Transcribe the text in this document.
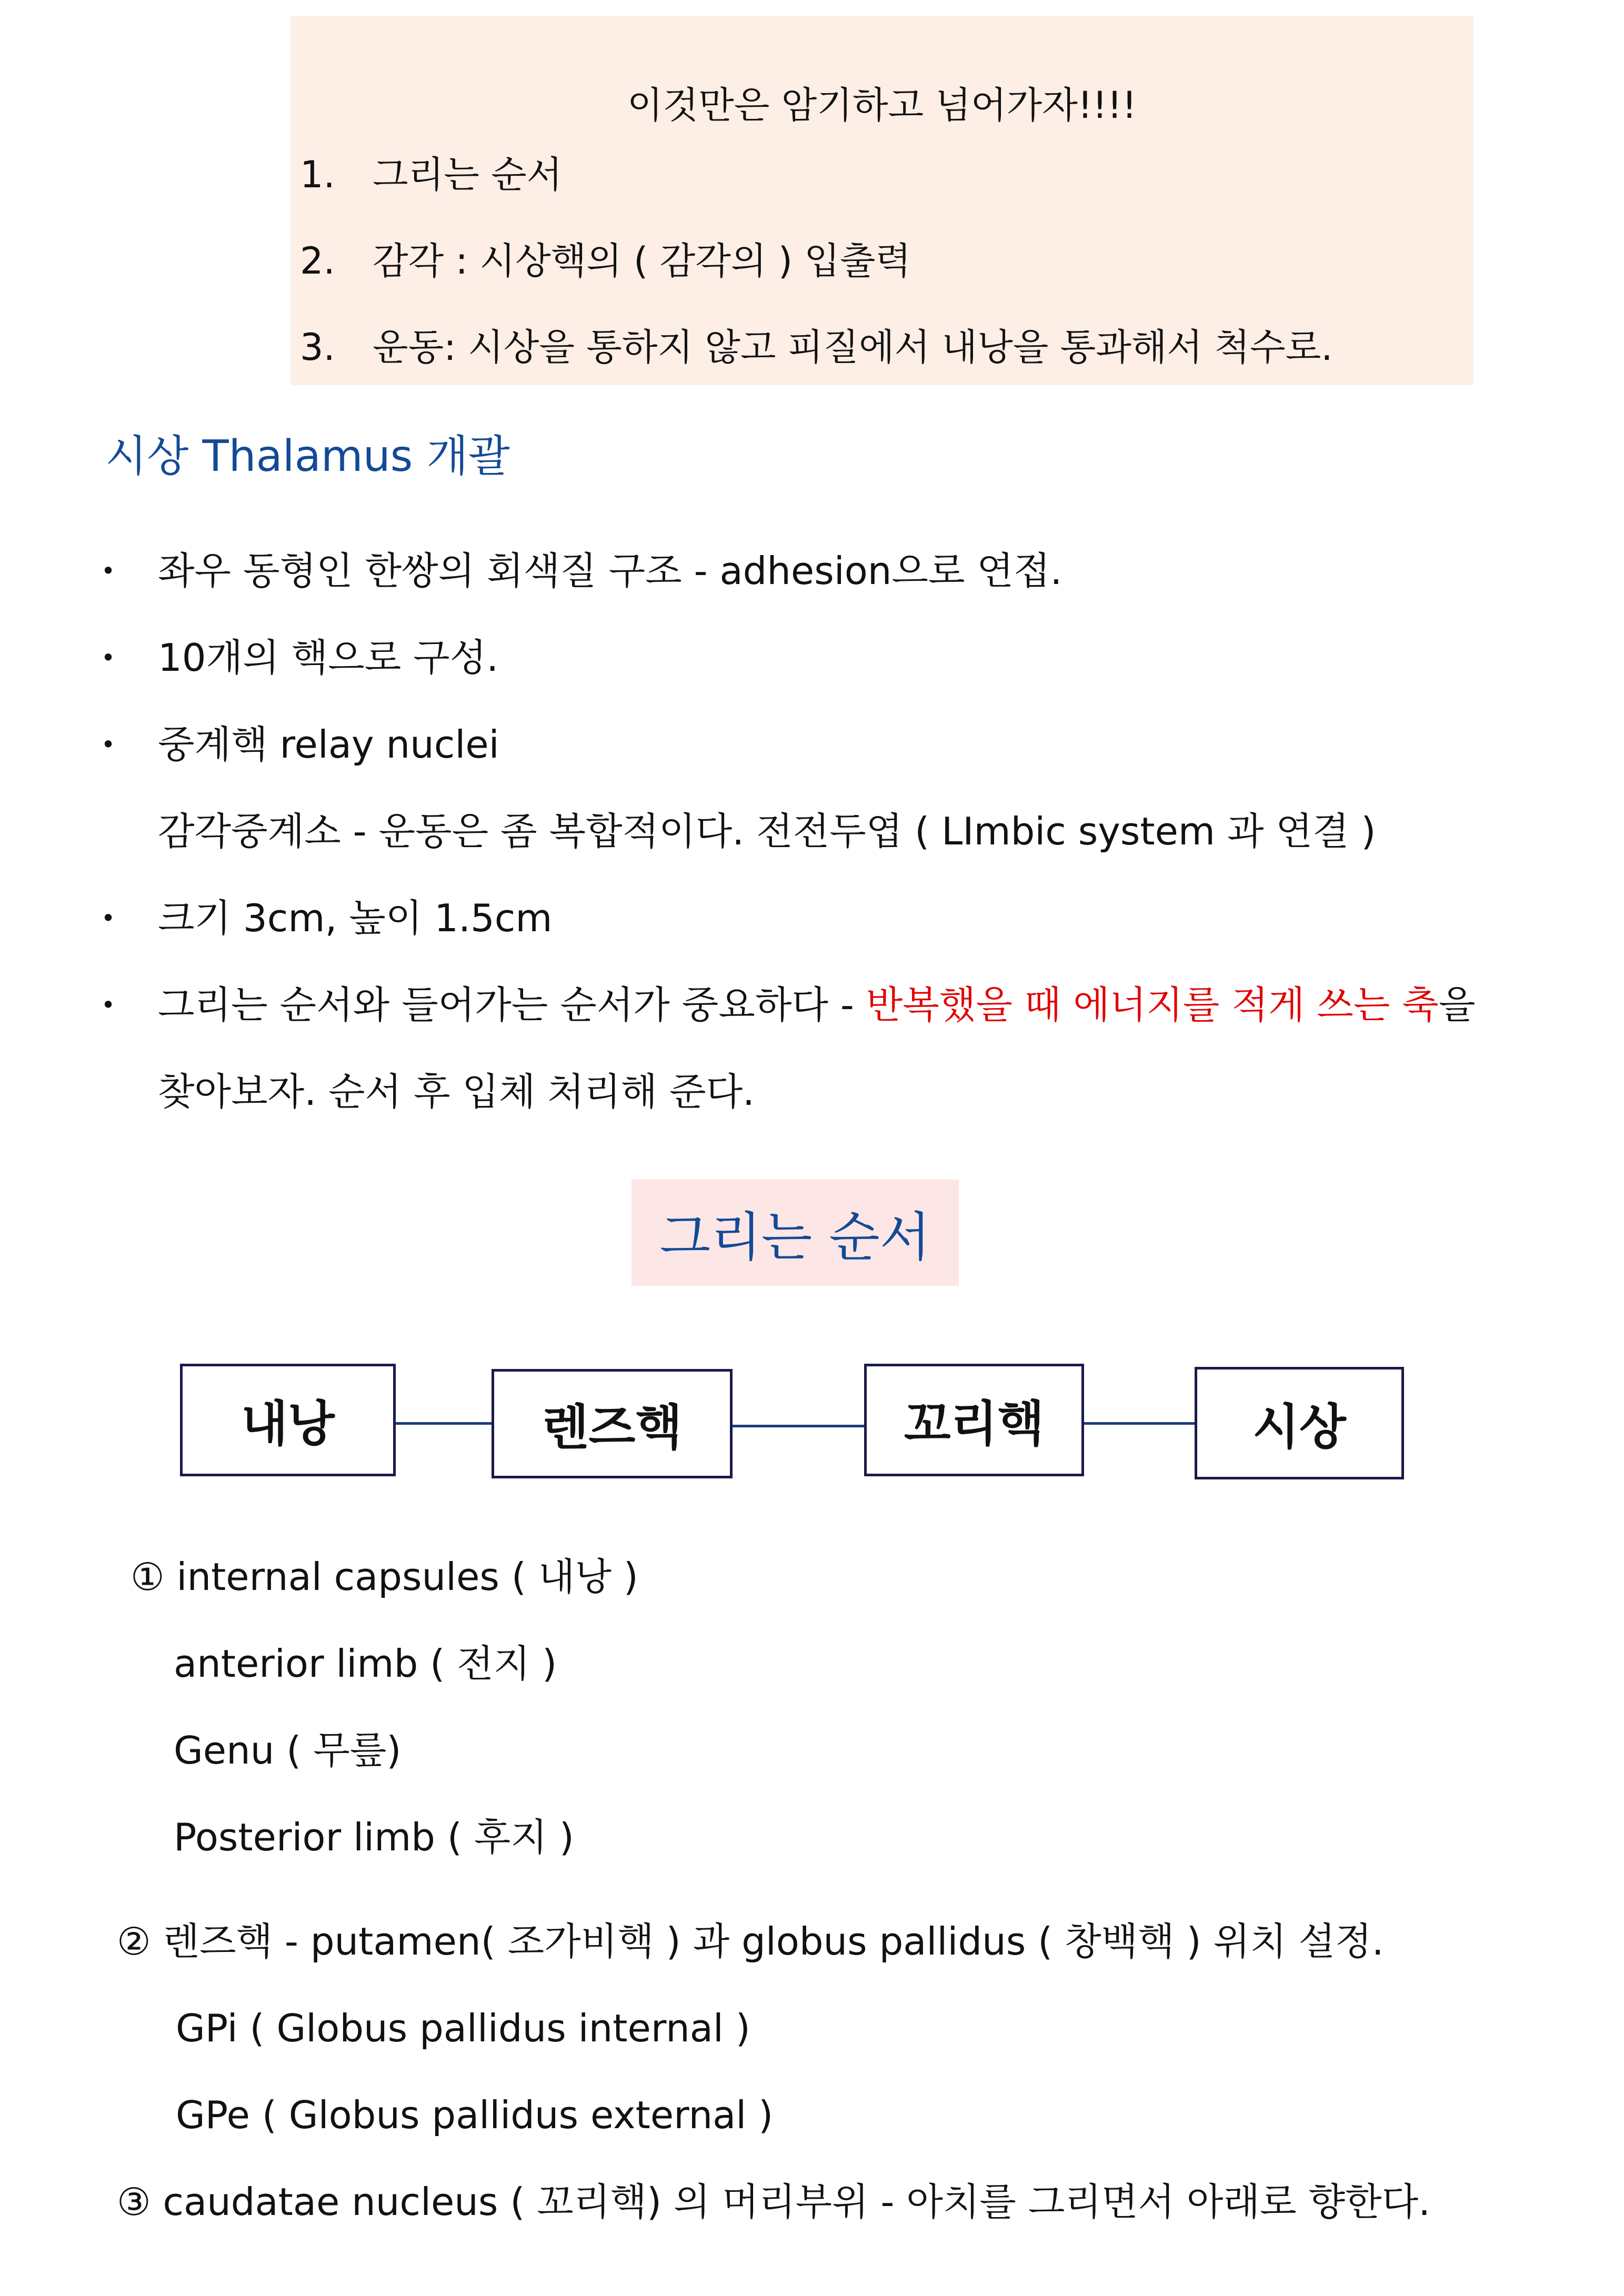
이것만은 암기하고 넘어가자!!!!
1. 그리는 순서
2. 감각 : 시상핵의 ( 감각의 ) 입출력
3. 운동: 시상을 통하지 않고 피질에서 내낭을 통과해서 척수로.
시상 Thalamus 개괄
• 좌우 동형인 한쌍의 회색질 구조 - adhesion으로 연접.
• 10개의 핵으로 구성.
• 중계핵 relay nuclei
감각중계소 - 운동은 좀 복합적이다. 전전두엽 ( LImbic system 과 연결 )
• 크기 3cm, 높이 1.5cm
• 그리는 순서와 들어가는 순서가 중요하다 - 반복했을 때 에너지를 적게 쓰는 축을
찾아보자. 순서 후 입체 처리해 준다.
그리는 순서
내낭	렌즈핵	꼬리핵	시상
① internal capsules ( 내낭 )
anterior limb ( 전지 )
Genu ( 무릎)
Posterior limb ( 후지 )
② 렌즈핵 - putamen( 조가비핵 ) 과 globus pallidus ( 창백핵 ) 위치 설정.
GPi ( Globus pallidus internal )
GPe ( Globus pallidus external )
③ caudatae nucleus ( 꼬리핵) 의 머리부위 - 아치를 그리면서 아래로 향한다.
